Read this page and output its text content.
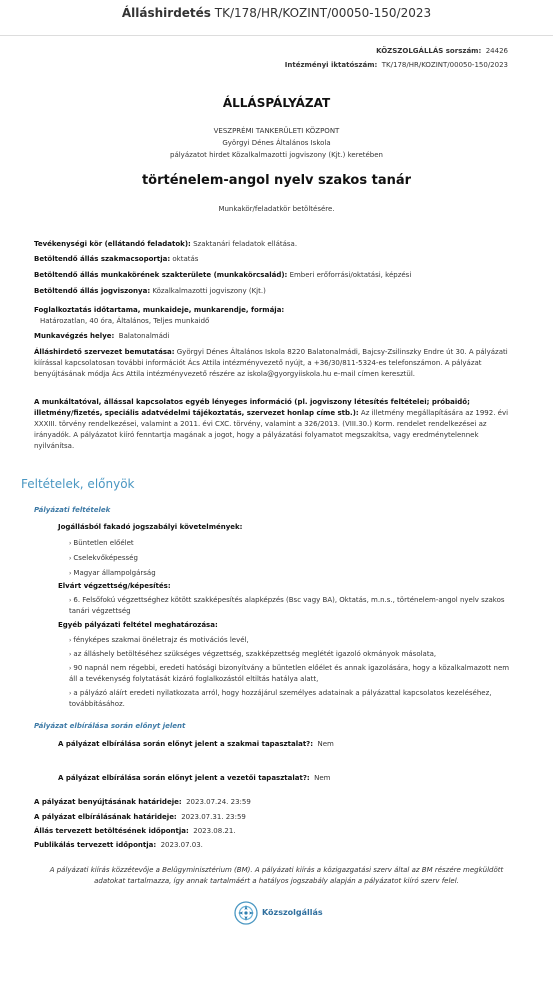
Álláshirdetés TK/178/HR/KOZINT/00050-150/2023
KÖZSZOLGÁLLÁS sorszám: 24426
Intézményi iktatószám: TK/178/HR/KOZINT/00050-150/2023
ÁLLÁSPÁLYÁZAT
VESZPRÉMI TANKERÜLETI KÖZPONT
Györgyi Dénes Általános Iskola
pályázatot hirdet Közalkalmazotti jogviszony (Kjt.) keretében
történelem-angol nyelv szakos tanár
Munkakör/feladatkör betöltésére.
Tevékenységi kör (ellátandó feladatok): Szaktanári feladatok ellátása.
Betöltendő állás szakmacsoportja: oktatás
Betöltendő állás munkakörének szakterülete (munkakörcsalád): Emberi erőforrási/oktatási, képzési
Betöltendő állás jogviszonya: Közalkalmazotti jogviszony (Kjt.)
Foglalkoztatás időtartama, munkaideje, munkarendje, formája:
Határozatlan, 40 óra, Általános, Teljes munkaidő
Munkavégzés helye: Balatonalmádi
Álláshirdető szervezet bemutatása: Györgyi Dénes Általános Iskola 8220 Balatonalmádi, Bajcsy-Zsilinszky Endre út 30. A pályázati kiírással kapcsolatosan további információt Ács Attila intézményvezető nyújt, a +36/30/811-5324-es telefonszámon. A pályázat benyújtásának módja Ács Attila intézményvezető részére az iskola@gyorgyiiskola.hu e-mail címen keresztül.
A munkáltatóval, állással kapcsolatos egyéb lényeges információ (pl. jogviszony létesítés feltételei; próbaidő; illetmény/fizetés, speciális adatvédelmi tájékoztatás, szervezet honlap címe stb.): Az illetmény megállapítására az 1992. évi XXXIII. törvény rendelkezései, valamint a 2011. évi CXC. törvény, valamint a 326/2013. (VIII.30.) Korm. rendelet rendelkezései az irányadók. A pályázatot kiíró fenntartja magának a jogot, hogy a pályázatási folyamatot megszakítsa, vagy eredménytelennek nyilvánítsa.
Feltételek, előnyök
Pályázati feltételek
Jogállásból fakadó jogszabályi követelmények:
› Büntetlen előélet
› Cselekvőképesség
› Magyar állampolgárság
Elvárt végzettség/képesítés:
› 6. Felsőfokú végzettséghez kötött szakképesítés alapképzés (Bsc vagy BA), Oktatás, m.n.s., történelem-angol nyelv szakos tanári végzettség
Egyéb pályázati feltétel meghatározása:
› fényképes szakmai önéletrajz és motivációs levél,
› az álláshely betöltéséhez szükséges végzettség, szakképzettség meglétét igazoló okmányok másolata,
› 90 napnál nem régebbi, eredeti hatósági bizonyítvány a büntetlen előélet és annak igazolására, hogy a közalkalmazott nem áll a tevékenység folytatását kizáró foglalkozástól eltiltás hatálya alatt,
› a pályázó aláírt eredeti nyilatkozata arról, hogy hozzájárul személyes adatainak a pályázattal kapcsolatos kezeléséhez, továbbításához.
Pályázat elbírálása során előnyt jelent
A pályázat elbírálása során előnyt jelent a szakmai tapasztalat?: Nem
A pályázat elbírálása során előnyt jelent a vezetői tapasztalat?: Nem
A pályázat benyújtásának határideje: 2023.07.24. 23:59
A pályázat elbírálásának határideje: 2023.07.31. 23:59
Állás tervezett betöltésének időpontja: 2023.08.21.
Publikálás tervezett időpontja: 2023.07.03.
A pályázati kiírás közzétevője a Belügyminisztérium (BM). A pályázati kiírás a közigazgatási szerv által az BM részére megküldött adatokat tartalmazza, így annak tartalmáért a hatályos jogszabály alapján a pályázatot kiíró szerv felel.
Közszolgállás
